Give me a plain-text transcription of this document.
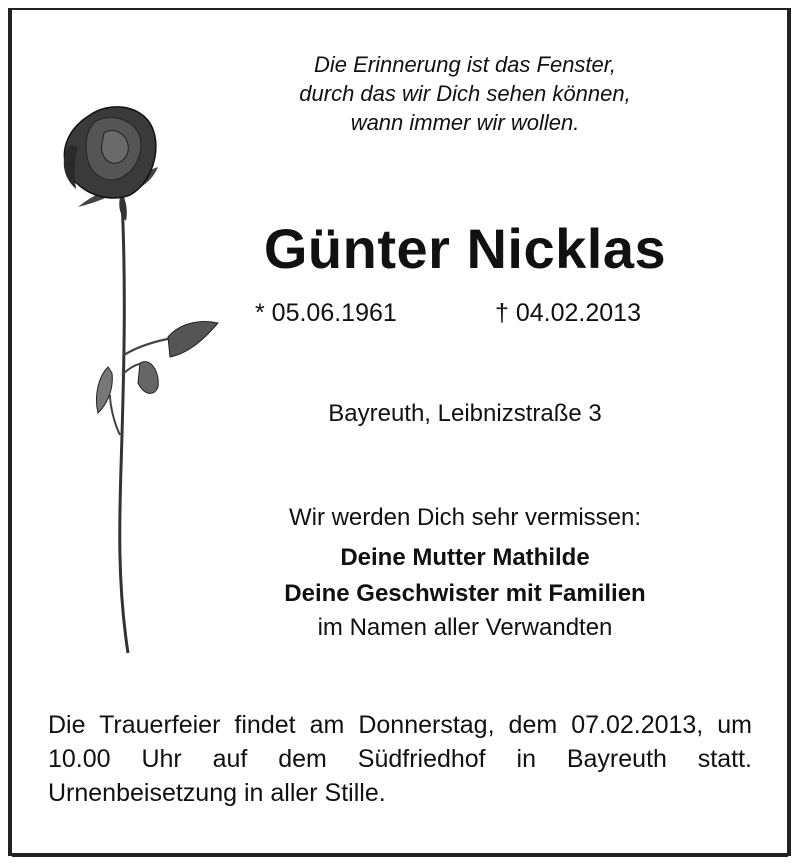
Die Erinnerung ist das Fenster,
durch das wir Dich sehen können,
wann immer wir wollen.
Günter Nicklas
* 05.06.1961	† 04.02.2013
Bayreuth, Leibnizstraße 3
Wir werden Dich sehr vermissen:
Deine Mutter Mathilde
Deine Geschwister mit Familien
im Namen aller Verwandten
Die Trauerfeier findet am Donnerstag, dem 07.02.2013, um 10.00 Uhr auf dem Südfriedhof in Bayreuth statt. Urnenbeisetzung in aller Stille.
